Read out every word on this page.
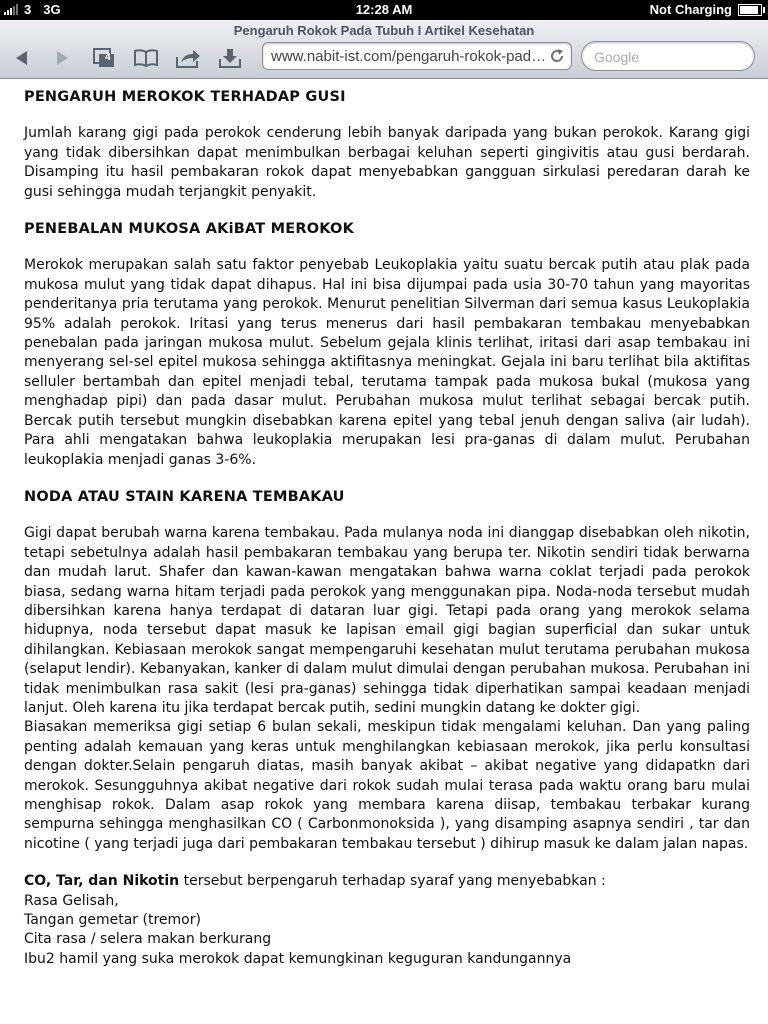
3 3G	12:28 AM	Not Charging
Pengaruh Rokok Pada Tubuh I Artikel Kesehatan
4	www.nabit-ist.com/pengaruh-rokok-pad…	Google
PENGARUH MEROKOK TERHADAP GUSI

Jumlah karang gigi pada perokok cenderung lebih banyak daripada yang bukan perokok. Karang gigi yang tidak dibersihkan dapat menimbulkan berbagai keluhan seperti gingivitis atau gusi berdarah. Disamping itu hasil pembakaran rokok dapat menyebabkan gangguan sirkulasi peredaran darah ke gusi sehingga mudah terjangkit penyakit.

PENEBALAN MUKOSA AKiBAT MEROKOK

Merokok merupakan salah satu faktor penyebab Leukoplakia yaitu suatu bercak putih atau plak pada mukosa mulut yang tidak dapat dihapus. Hal ini bisa dijumpai pada usia 30-70 tahun yang mayoritas penderitanya pria terutama yang perokok. Menurut penelitian Silverman dari semua kasus Leukoplakia 95% adalah perokok. Iritasi yang terus menerus dari hasil pembakaran tembakau menyebabkan penebalan pada jaringan mukosa mulut. Sebelum gejala klinis terlihat, iritasi dari asap tembakau ini menyerang sel-sel epitel mukosa sehingga aktifitasnya meningkat. Gejala ini baru terlihat bila aktifitas selluler bertambah dan epitel menjadi tebal, terutama tampak pada mukosa bukal (mukosa yang menghadap pipi) dan pada dasar mulut. Perubahan mukosa mulut terlihat sebagai bercak putih. Bercak putih tersebut mungkin disebabkan karena epitel yang tebal jenuh dengan saliva (air ludah). Para ahli mengatakan bahwa leukoplakia merupakan lesi pra-ganas di dalam mulut. Perubahan leukoplakia menjadi ganas 3-6%.

NODA ATAU STAIN KARENA TEMBAKAU

Gigi dapat berubah warna karena tembakau. Pada mulanya noda ini dianggap disebabkan oleh nikotin, tetapi sebetulnya adalah hasil pembakaran tembakau yang berupa ter. Nikotin sendiri tidak berwarna dan mudah larut. Shafer dan kawan-kawan mengatakan bahwa warna coklat terjadi pada perokok biasa, sedang warna hitam terjadi pada perokok yang menggunakan pipa. Noda-noda tersebut mudah dibersihkan karena hanya terdapat di dataran luar gigi. Tetapi pada orang yang merokok selama hidupnya, noda tersebut dapat masuk ke lapisan email gigi bagian superficial dan sukar untuk dihilangkan. Kebiasaan merokok sangat mempengaruhi kesehatan mulut terutama perubahan mukosa (selaput lendir). Kebanyakan, kanker di dalam mulut dimulai dengan perubahan mukosa. Perubahan ini tidak menimbulkan rasa sakit (lesi pra-ganas) sehingga tidak diperhatikan sampai keadaan menjadi lanjut. Oleh karena itu jika terdapat bercak putih, sedini mungkin datang ke dokter gigi.

Biasakan memeriksa gigi setiap 6 bulan sekali, meskipun tidak mengalami keluhan. Dan yang paling penting adalah kemauan yang keras untuk menghilangkan kebiasaan merokok, jika perlu konsultasi dengan dokter.Selain pengaruh diatas, masih banyak akibat – akibat negative yang didapatkn dari merokok. Sesungguhnya akibat negative dari rokok sudah mulai terasa pada waktu orang baru mulai menghisap rokok. Dalam asap rokok yang membara karena diisap, tembakau terbakar kurang sempurna sehingga menghasilkan CO ( Carbonmonoksida ), yang disamping asapnya sendiri , tar dan nicotine ( yang terjadi juga dari pembakaran tembakau tersebut ) dihirup masuk ke dalam jalan napas.

CO, Tar, dan Nikotin tersebut berpengaruh terhadap syaraf yang menyebabkan :
Rasa Gelisah,
Tangan gemetar (tremor)
Cita rasa / selera makan berkurang
Ibu2 hamil yang suka merokok dapat kemungkinan keguguran kandungannya
